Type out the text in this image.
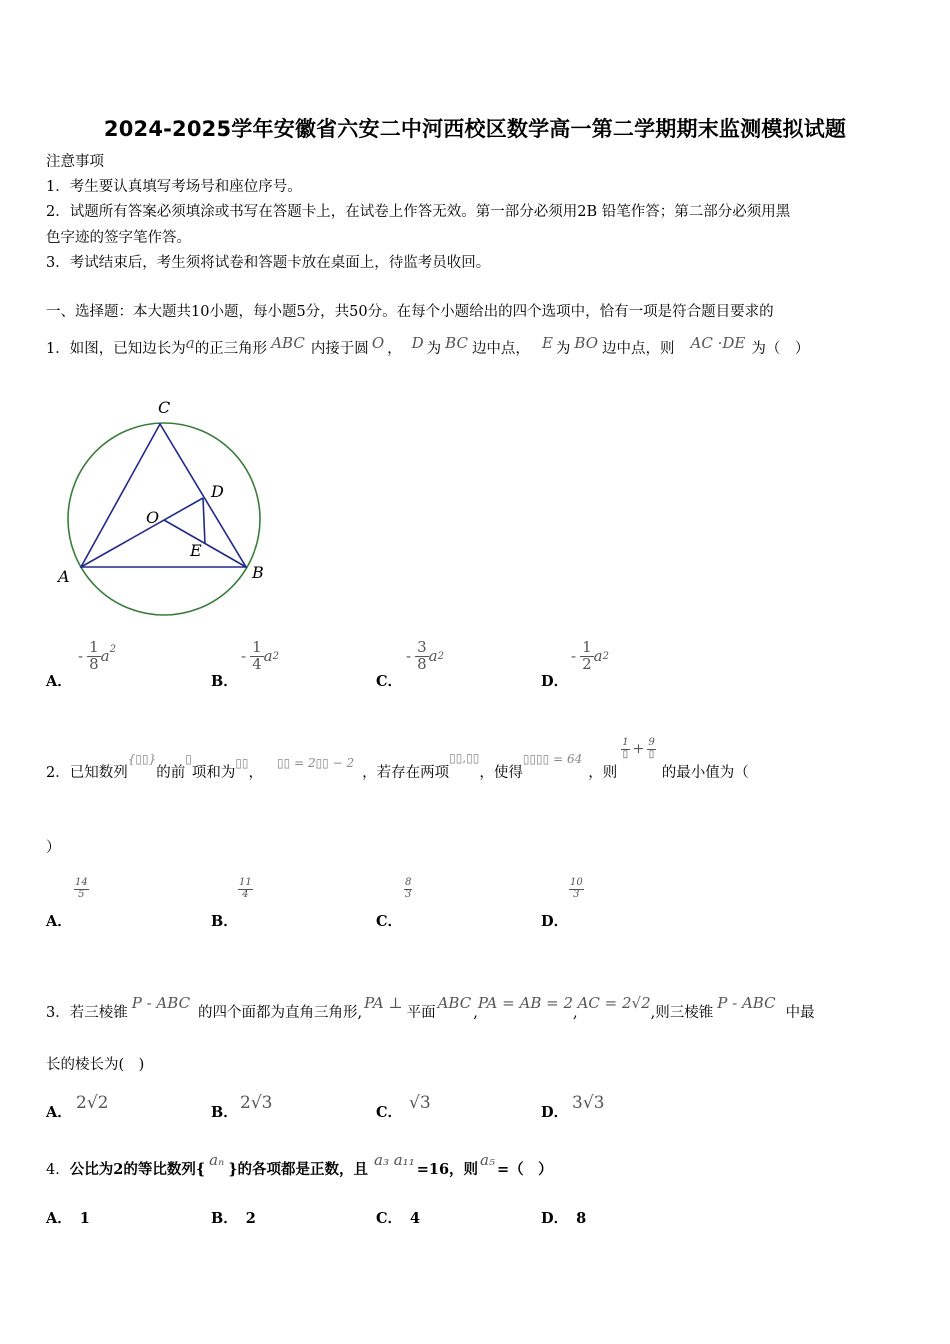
2024-2025学年安徽省六安二中河西校区数学高一第二学期期末监测模拟试题
注意事项
1．考生要认真填写考场号和座位序号。
2．试题所有答案必须填涂或书写在答题卡上，在试卷上作答无效。第一部分必须用2B 铅笔作答；第二部分必须用黑
色字迹的签字笔作答。
3．考试结束后，考生须将试卷和答题卡放在桌面上，待监考员收回。
一、选择题：本大题共10小题，每小题5分，共50分。在每个小题给出的四个选项中，恰有一项是符合题目要求的
1． 如图，已知边长为 a 的正三角形 ABC 内接于圆 O ， D 为 BC 边中点， E 为 BO 边中点，则 AC ·DE 为（　）
A	B
C
D
E
O
A．
- $\frac{1}{8} a^2$
B．
- $\frac{1}{4}$ a 2
C．
- $\frac{3}{8}$ a 2
D．
- $\frac{1}{2}$ a 2
2． 已知数列
{▯▯}
的前
▯
项和为
▯▯
，
▯▯ = 2▯▯ − 2
，若存在两项
▯▯,▯▯
，使得
▯▯▯▯ = 64
，则
1
▯ + 9
▯
的最小值为（
）
A．
$\frac{14}{5}$
B．
$\frac{11}{4}$
C．
$\frac{8}{3}$
D．
$\frac{10}{3}$
3． 若三棱锥
P - ABC
的四个面都为直角三角形,
PA ⊥
平面
ABC
,
PA = AB = 2
,
AC = 2√2
,则三棱锥
P - ABC
中最
长的棱长为(　)
A． 2√2	B． 2√3	C． √3	D． 3√3
4． 公比为2的等比数列{
aₙ
}的各项都是正数，且
a₃ a₁₁
=16，则
a₅
=（　）
A． 1	B． 2	C． 4	D． 8
